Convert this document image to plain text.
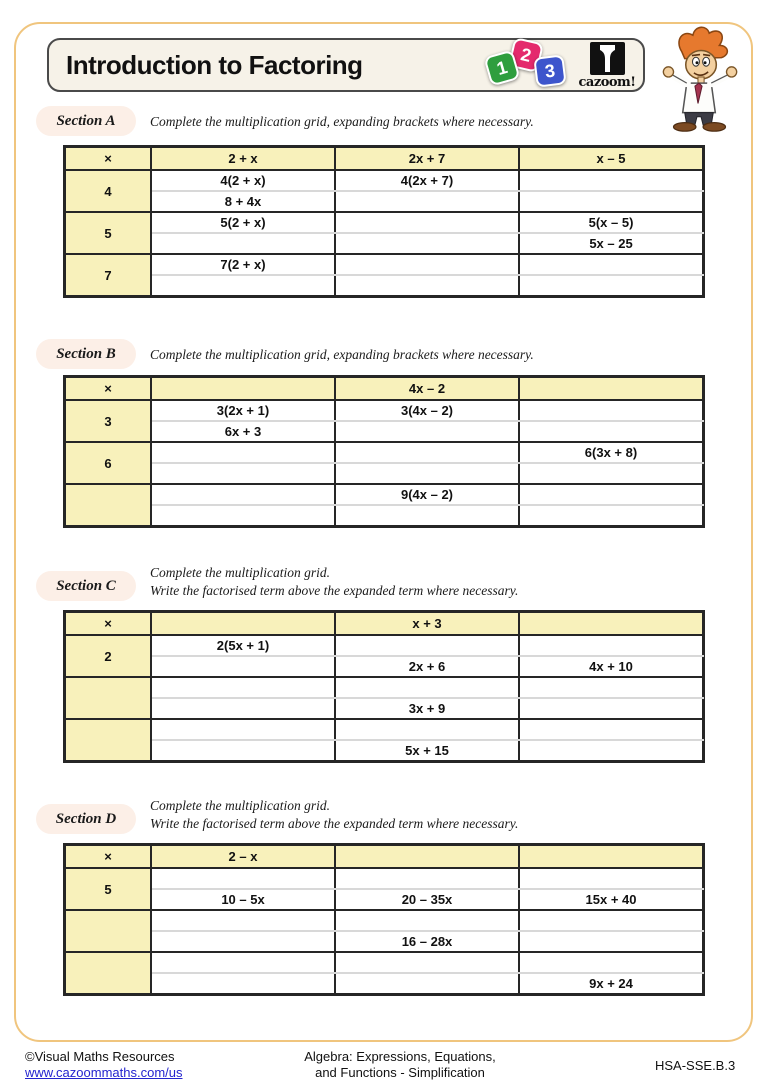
Introduction to Factoring	2
1	3
cazoom!
Section A	Complete the multiplication grid, expanding brackets where necessary.
×	2 + x	2x + 7	x – 5
4	4(2 + x)	4(2x + 7)	
	8 + 4x		
5	5(2 + x)		5(x – 5)
			5x – 25
7	7(2 + x)		

Section B	Complete the multiplication grid, expanding brackets where necessary.
×		4x – 2	
3	3(2x + 1)	3(4x – 2)	
	6x + 3		
6			6(3x + 8)

		9(4x – 2)	

Section C
Complete the multiplication grid.
Write the factorised term above the expanded term where necessary.
×		x + 3	
2	2(5x + 1)		
		2x + 6	4x + 10

		3x + 9	

		5x + 15	
Section D
Complete the multiplication grid.
Write the factorised term above the expanded term where necessary.
×	2 – x		
5			
	10 – 5x	20 – 35x	15x + 40

		16 – 28x	

			9x + 24
©Visual Maths Resources
www.cazoommaths.com/us
Algebra: Expressions, Equations,
and Functions - Simplification	HSA-SSE.B.3
